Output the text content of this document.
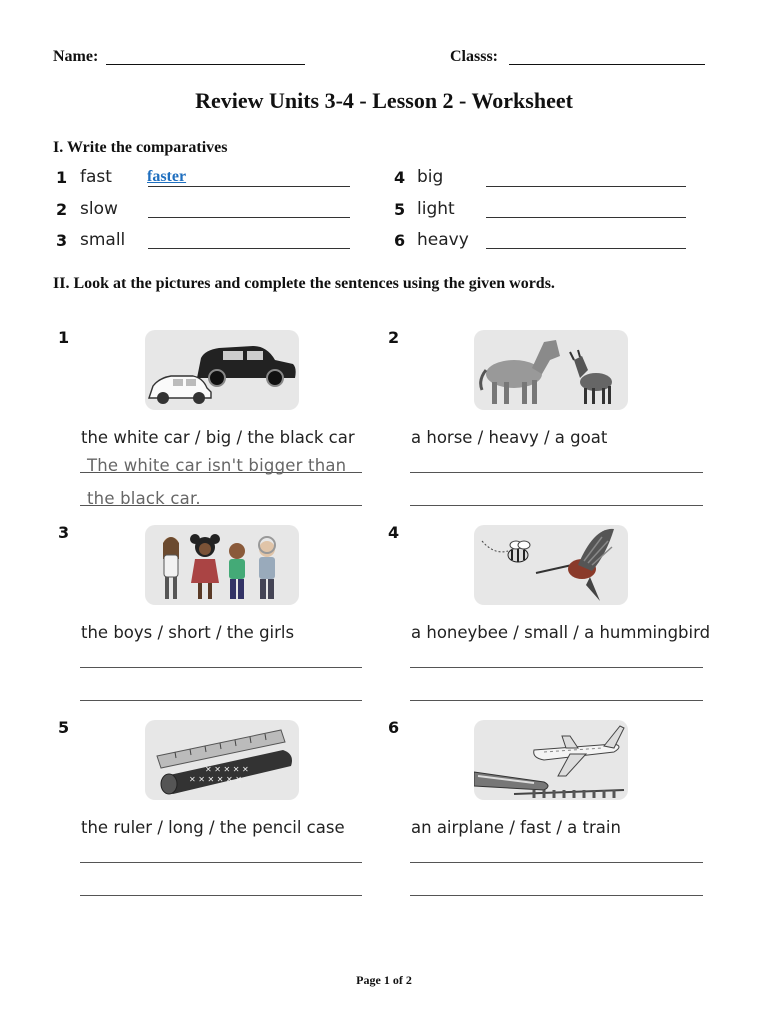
Name:	Classs:
Review Units 3-4 - Lesson 2 - Worksheet
I. Write the comparatives
1 fast faster
2 slow
3 small
4 big
5 light
6 heavy
II. Look at the pictures and complete the sentences using the given words.
1
the white car / big / the black car
The white car isn't bigger than
the black car.
2
a horse / heavy / a goat
3
the boys / short / the girls
4
a honeybee / small / a hummingbird
5
✕ ✕ ✕ ✕ ✕ ✕
✕ ✕ ✕ ✕ ✕
the ruler / long / the pencil case
6
an airplane / fast / a train
Page 1 of 2
